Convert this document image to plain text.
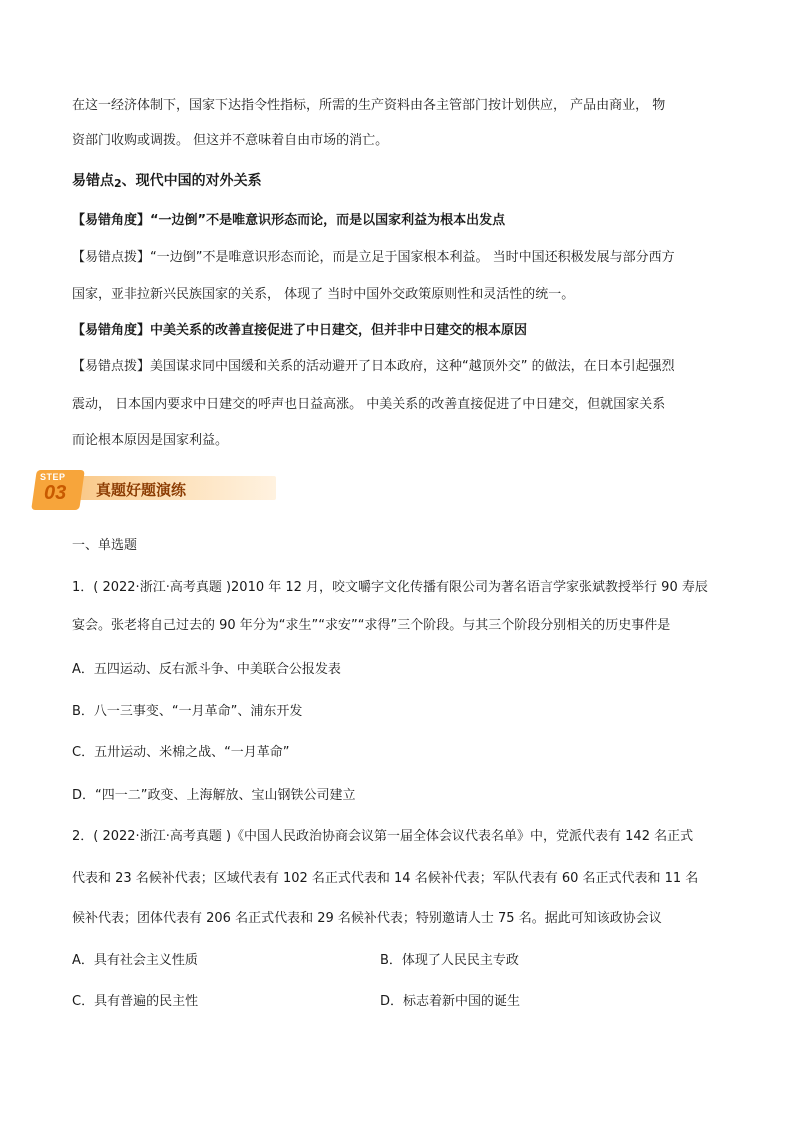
在这一经济体制下，国家下达指令性指标，所需的生产资料由各主管部门按计划供应， 产品由商业， 物
资部门收购或调拨。 但这并不意味着自由市场的消亡。
易错点2、现代中国的对外关系
【易错角度】“一边倒”不是唯意识形态而论，而是以国家利益为根本出发点
【易错点拨】“一边倒”不是唯意识形态而论，而是立足于国家根本利益。 当时中国还积极发展与部分西方
国家，亚非拉新兴民族国家的关系， 体现了 当时中国外交政策原则性和灵活性的统一。
【易错角度】中美关系的改善直接促进了中日建交，但并非中日建交的根本原因
【易错点拨】美国谋求同中国缓和关系的活动避开了日本政府，这种“越顶外交” 的做法，在日本引起强烈
震动， 日本国内要求中日建交的呼声也日益高涨。 中美关系的改善直接促进了中日建交，但就国家关系
而论根本原因是国家利益。
一、单选题
1．( 2022·浙江·高考真题 )2010 年 12 月，咬文嚼字文化传播有限公司为著名语言学家张斌教授举行 90 寿辰
宴会。张老将自己过去的 90 年分为“求生”“求安”“求得”三个阶段。与其三个阶段分别相关的历史事件是
A．五四运动、反右派斗争、中美联合公报发表
B．八一三事变、“一月革命”、浦东开发
C．五卅运动、米棉之战、“一月革命”
D．“四一二”政变、上海解放、宝山钢铁公司建立
2．( 2022·浙江·高考真题 )《中国人民政治协商会议第一届全体会议代表名单》中，党派代表有 142 名正式
代表和 23 名候补代表；区域代表有 102 名正式代表和 14 名候补代表；军队代表有 60 名正式代表和 11 名
候补代表；团体代表有 206 名正式代表和 29 名候补代表；特别邀请人士 75 名。据此可知该政协会议
A．具有社会主义性质	B．体现了人民民主专政
C．具有普遍的民主性	D．标志着新中国的诞生
STEP
03 真题好题演练
